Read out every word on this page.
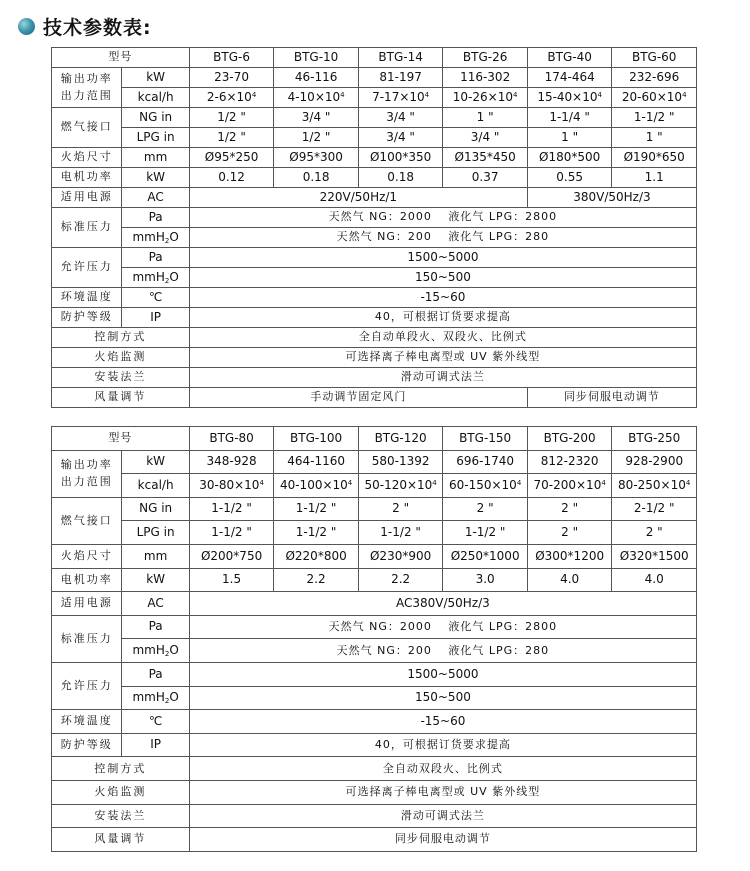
技术参数表:
型号		BTG-6	BTG-10	BTG-14	BTG-26	BTG-40	BTG-60
输出功率
出力范围	kW	23-70	46-116	81-197	116-302	174-464	232-696
	kcal/h	$2-6\times 10^4$	$4-10\times 10^4$	$7-17\times 10^4$	$10-26\times 10^4$	$15-40\times 10^4$	$20-60\times 10^4$
燃气接口	NG in	1/2 "	3/4 "	3/4 "	1 "	1-1/4 "	1-1/2 "
	LPG in	1/2 "	1/2 "	3/4 "	3/4 "	1 "	1 "
火焰尺寸	mm	Ø95*250	Ø95*300	Ø100*350	Ø135*450	Ø180*500	Ø190*650
电机功率	kW	0.12	0.18	0.18	0.37	0.55	1.1
适用电源	AC	220V/50Hz/1				380V/50Hz/3	
标准压力	Pa	天然气 NG：2000　 液化气 LPG：2800					
	mmH$_2$O	天然气 NG：200　 液化气 LPG：280					
允许压力	Pa	1500~5000					
	mmH$_2$O	150~500					
环境温度	℃	-15~60					
防护等级	IP	40，可根据订货要求提高					
控制方式		全自动单段火、双段火、比例式					
火焰监测		可选择离子棒电离型或 UV 紫外线型					
安装法兰		滑动可调式法兰					
风量调节		手动调节固定风门				同步伺服电动调节	
型号		BTG-80	BTG-100	BTG-120	BTG-150	BTG-200	BTG-250
输出功率
出力范围	kW	348-928	464-1160	580-1392	696-1740	812-2320	928-2900
	kcal/h	$30-80\times 10^4$	$40-100\times 10^4$	$50-120\times 10^4$	$60-150\times 10^4$	$70-200\times 10^4$	$80-250\times 10^4$
燃气接口	NG in	1-1/2 "	1-1/2 "	2 "	2 "	2 "	2-1/2 "
	LPG in	1-1/2 "	1-1/2 "	1-1/2 "	1-1/2 "	2 "	2 "
火焰尺寸	mm	Ø200*750	Ø220*800	Ø230*900	Ø250*1000	Ø300*1200	Ø320*1500
电机功率	kW	1.5	2.2	2.2	3.0	4.0	4.0
适用电源	AC	AC380V/50Hz/3					
标准压力	Pa	天然气 NG：2000　 液化气 LPG：2800					
	mmH$_2$O	天然气 NG：200　 液化气 LPG：280					
允许压力	Pa	1500~5000					
	mmH$_2$O	150~500					
环境温度	℃	-15~60					
防护等级	IP	40，可根据订货要求提高					
控制方式		全自动双段火、比例式					
火焰监测		可选择离子棒电离型或 UV 紫外线型					
安装法兰		滑动可调式法兰					
风量调节		同步伺服电动调节					
